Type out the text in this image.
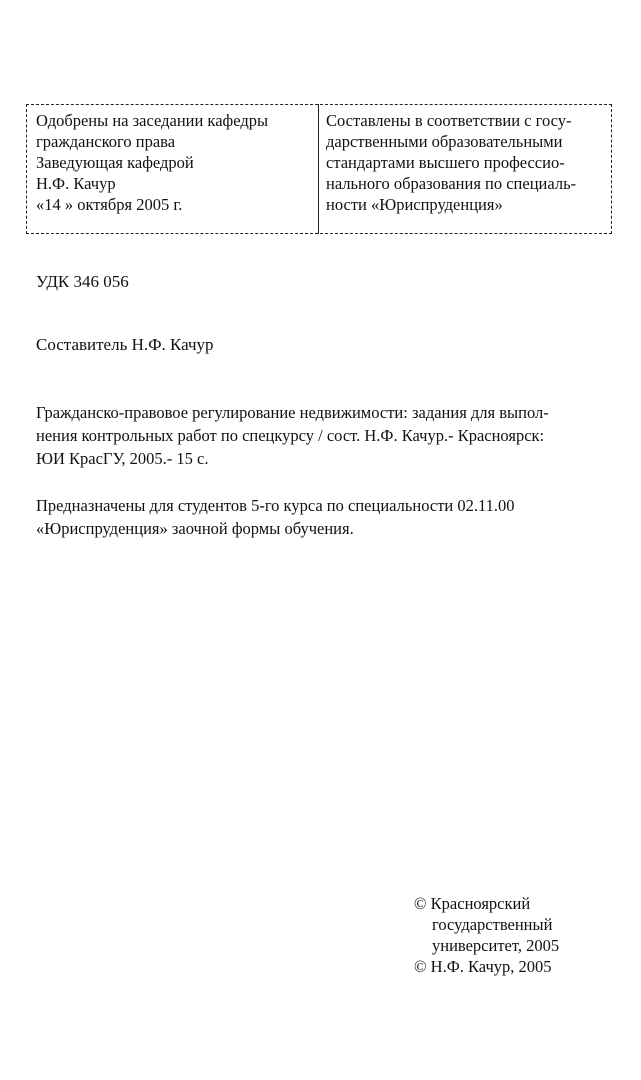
Одобрены на заседании кафедры
гражданского права
Заведующая кафедрой
Н.Ф. Качур
«14 » октября 2005 г.
Составлены в соответствии с госу-
дарственными образовательными
стандартами высшего профессио-
нального образования по специаль-
ности «Юриспруденция»
УДК 346 056
Составитель Н.Ф. Качур
Гражданско-правовое регулирование недвижимости: задания для выпол-
нения контрольных работ по спецкурсу / сост. Н.Ф. Качур.- Красноярск:
ЮИ КрасГУ, 2005.- 15 с.
Предназначены для студентов 5-го курса по специальности 02.11.00
«Юриспруденция» заочной формы обучения.
© Красноярский
государственный
университет, 2005
© Н.Ф. Качур, 2005
